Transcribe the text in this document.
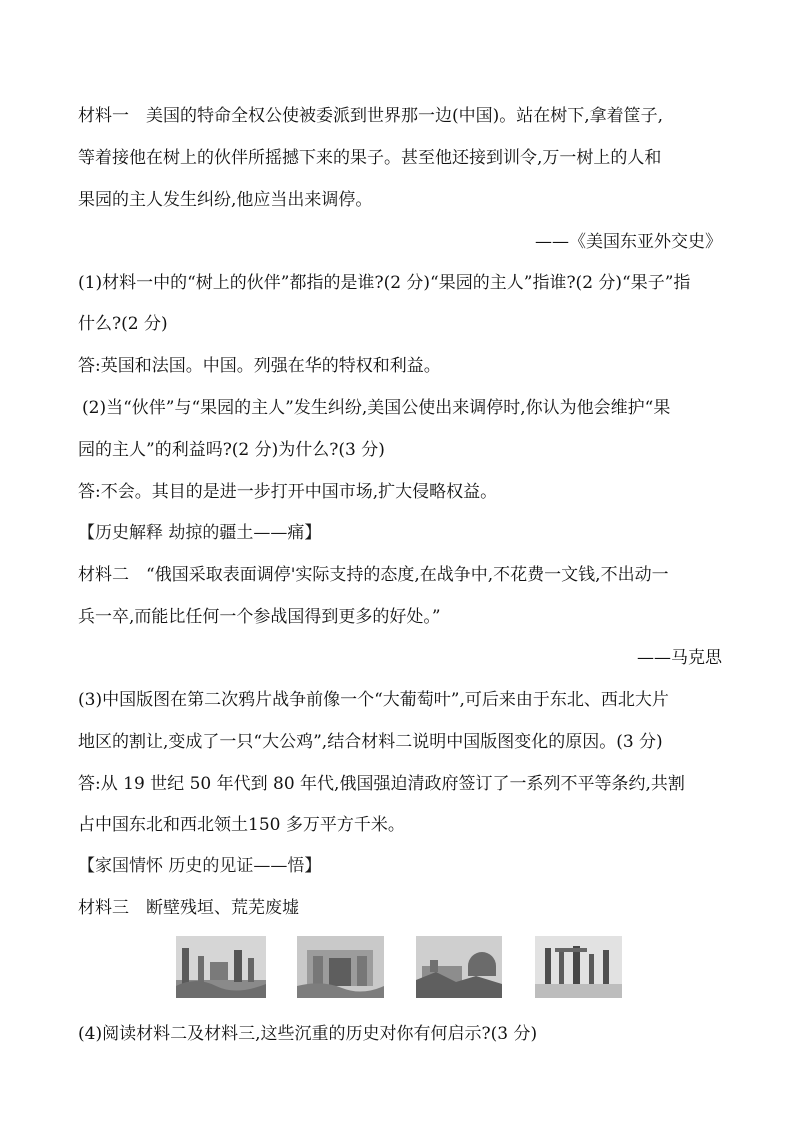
材料一　美国的特命全权公使被委派到世界那一边(中国)。站在树下,拿着筐子,
等着接他在树上的伙伴所摇撼下来的果子。甚至他还接到训令,万一树上的人和
果园的主人发生纠纷,他应当出来调停。
——《美国东亚外交史》
(1)材料一中的“树上的伙伴”都指的是谁?(2 分)“果园的主人”指谁?(2 分)“果子”指
什么?(2 分)
答:英国和法国。中国。列强在华的特权和利益。
(2)当“伙伴”与“果园的主人”发生纠纷,美国公使出来调停时,你认为他会维护“果
园的主人”的利益吗?(2 分)为什么?(3 分)
答:不会。其目的是进一步打开中国市场,扩大侵略权益。
【历史解释 劫掠的疆土——痛】
材料二　“俄国采取表面调停'实际支持的态度,在战争中,不花费一文钱,不出动一
兵一卒,而能比任何一个参战国得到更多的好处。”
——马克思
(3)中国版图在第二次鸦片战争前像一个“大葡萄叶”,可后来由于东北、西北大片
地区的割让,变成了一只“大公鸡”,结合材料二说明中国版图变化的原因。(3 分)
答:从 19 世纪 50 年代到 80 年代,俄国强迫清政府签订了一系列不平等条约,共割
占中国东北和西北领土150 多万平方千米。
【家国情怀 历史的见证——悟】
材料三　断壁残垣、荒芜废墟
(4)阅读材料二及材料三,这些沉重的历史对你有何启示?(3 分)
